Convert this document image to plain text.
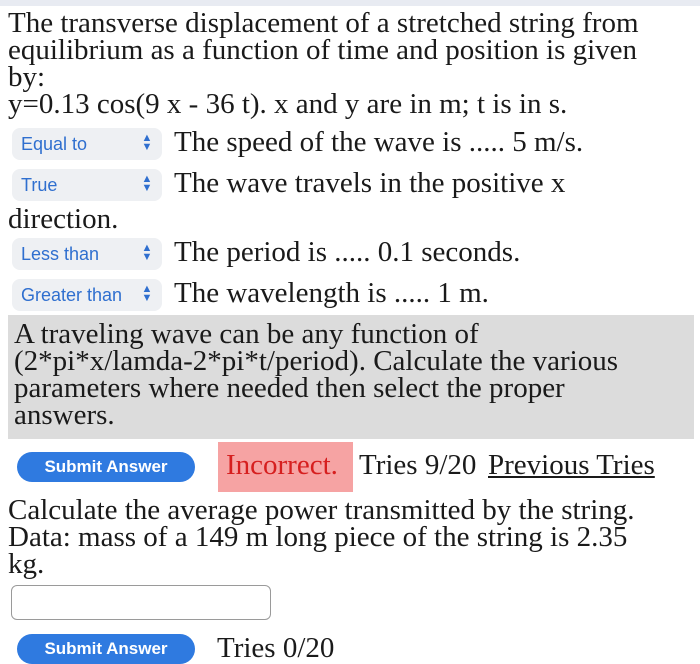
The transverse displacement of a stretched string from
equilibrium as a function of time and position is given
by:
y=0.13 cos(9 x - 36 t). x and y are in m; t is in s.
Equal to	▲
▼ The speed of the wave is ..... 5 m/s.
True	▲
▼ The wave travels in the positive x
direction.
Less than	▲
▼ The period is ..... 0.1 seconds.
Greater than ▲
▼ The wavelength is ..... 1 m.
A traveling wave can be any function of
(2*pi*x/lamda-2*pi*t/period). Calculate the various
parameters where needed then select the proper
answers.
Submit Answer	Incorrect. Tries 9/20 Previous Tries
Calculate the average power transmitted by the string.
Data: mass of a 149 m long piece of the string is 2.35
kg.
Submit Answer	Tries 0/20
